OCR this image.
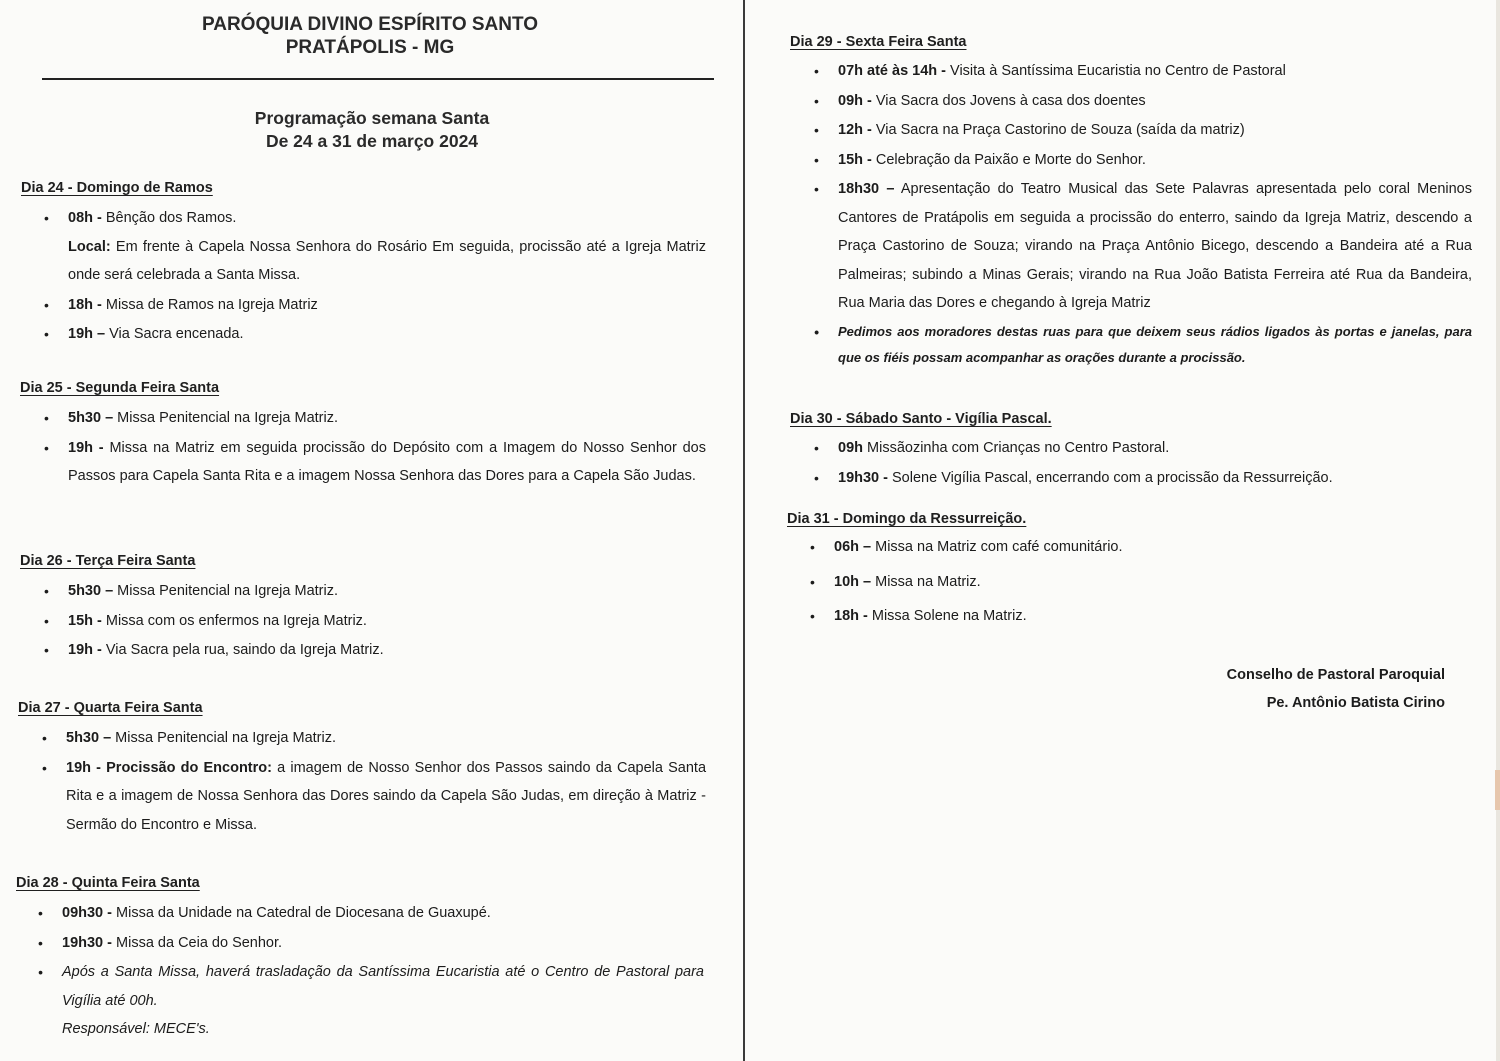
PARÓQUIA DIVINO ESPÍRITO SANTO
PRATÁPOLIS - MG
Programação semana Santa
De 24 a 31 de março 2024
Dia 24 - Domingo de Ramos
• 08h - Bênção dos Ramos.
Local: Em frente à Capela Nossa Senhora do Rosário Em seguida, procissão até a Igreja Matriz onde será celebrada a Santa Missa.
• 18h - Missa de Ramos na Igreja Matriz
• 19h – Via Sacra encenada.
Dia 25 - Segunda Feira Santa
• 5h30 – Missa Penitencial na Igreja Matriz.
• 19h - Missa na Matriz em seguida procissão do Depósito com a Imagem do Nosso Senhor dos Passos para Capela Santa Rita e a imagem Nossa Senhora das Dores para a Capela São Judas.
Dia 26 - Terça Feira Santa
• 5h30 – Missa Penitencial na Igreja Matriz.
• 15h - Missa com os enfermos na Igreja Matriz.
• 19h - Via Sacra pela rua, saindo da Igreja Matriz.
Dia 27 - Quarta Feira Santa
• 5h30 – Missa Penitencial na Igreja Matriz.
• 19h - Procissão do Encontro: a imagem de Nosso Senhor dos Passos saindo da Capela Santa Rita e a imagem de Nossa Senhora das Dores saindo da Capela São Judas, em direção à Matriz - Sermão do Encontro e Missa.
Dia 28 - Quinta Feira Santa
• 09h30 - Missa da Unidade na Catedral de Diocesana de Guaxupé.
• 19h30 - Missa da Ceia do Senhor.
• Após a Santa Missa, haverá trasladação da Santíssima Eucaristia até o Centro de Pastoral para Vigília até 00h.
Responsável: MECE's.
Dia 29 - Sexta Feira Santa
• 07h até às 14h - Visita à Santíssima Eucaristia no Centro de Pastoral
• 09h - Via Sacra dos Jovens à casa dos doentes
• 12h - Via Sacra na Praça Castorino de Souza (saída da matriz)
• 15h - Celebração da Paixão e Morte do Senhor.
• 18h30 – Apresentação do Teatro Musical das Sete Palavras apresentada pelo coral Meninos Cantores de Pratápolis em seguida a procissão do enterro, saindo da Igreja Matriz, descendo a Praça Castorino de Souza; virando na Praça Antônio Bicego, descendo a Bandeira até a Rua Palmeiras; subindo a Minas Gerais; virando na Rua João Batista Ferreira até Rua da Bandeira, Rua Maria das Dores e chegando à Igreja Matriz
• Pedimos aos moradores destas ruas para que deixem seus rádios ligados às portas e janelas, para que os fiéis possam acompanhar as orações durante a procissão.
Dia 30 - Sábado Santo - Vigília Pascal.
• 09h Missãozinha com Crianças no Centro Pastoral.
• 19h30 - Solene Vigília Pascal, encerrando com a procissão da Ressurreição.
Dia 31 - Domingo da Ressurreição.
• 06h – Missa na Matriz com café comunitário.
• 10h – Missa na Matriz.
• 18h - Missa Solene na Matriz.
Conselho de Pastoral Paroquial
Pe. Antônio Batista Cirino
